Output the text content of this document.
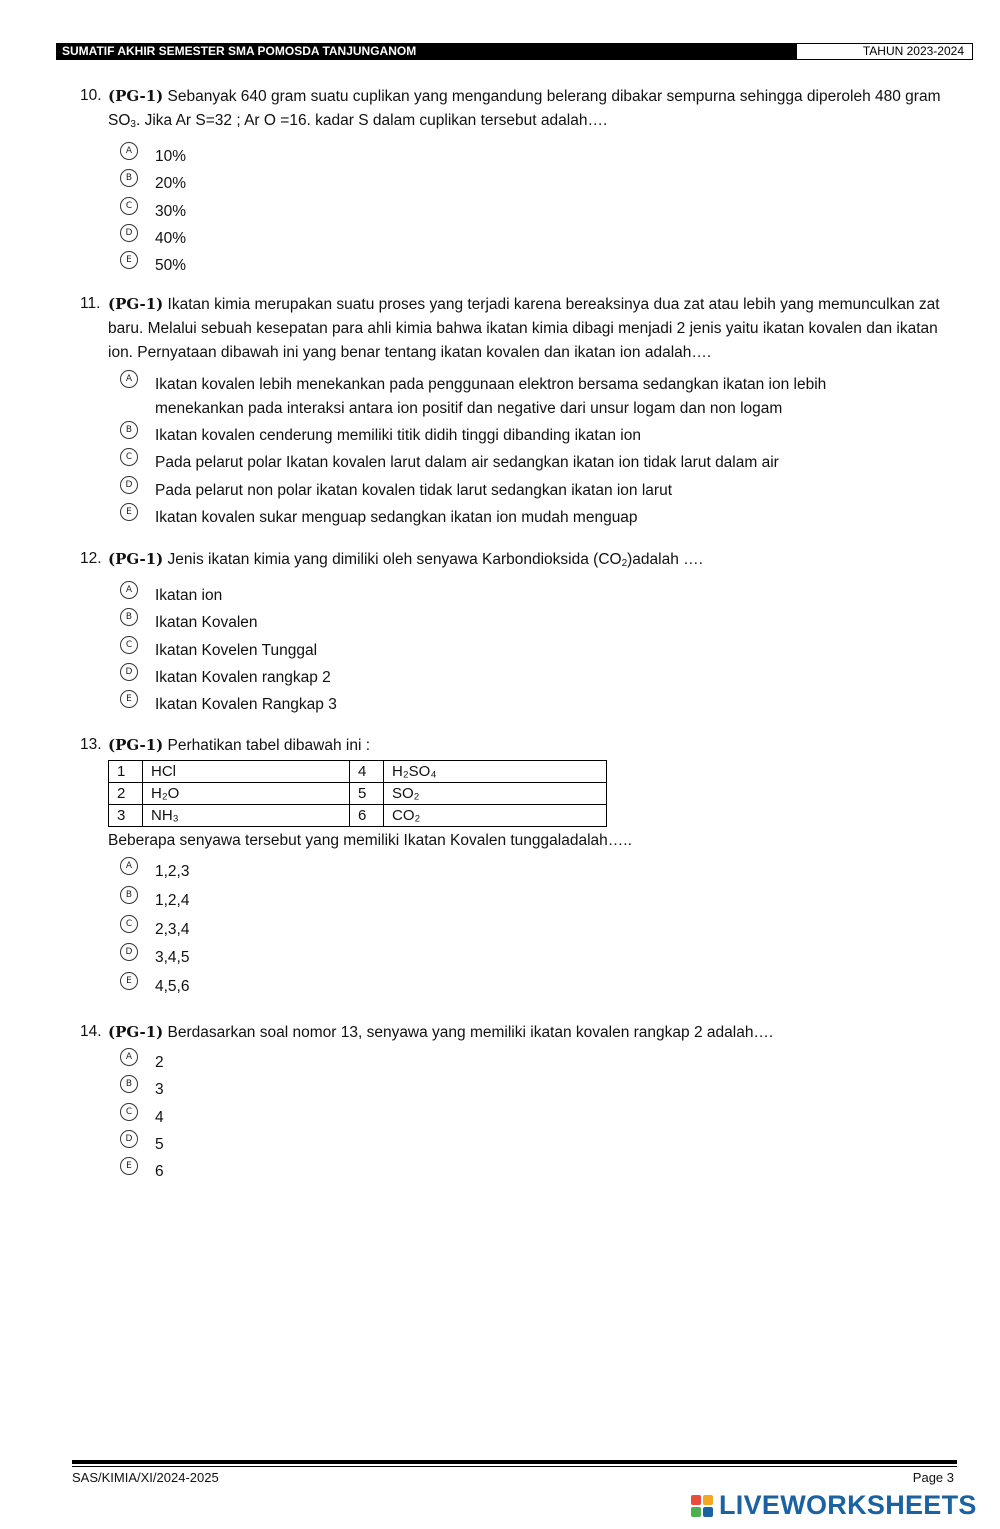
SUMATIF AKHIR SEMESTER SMA POMOSDA TANJUNGANOM	TAHUN 2023-2024
10. (PG-1) Sebanyak 640 gram suatu cuplikan yang mengandung belerang dibakar sempurna sehingga diperoleh 480 gram $SO_3$. Jika Ar S=32 ; Ar O =16. kadar S dalam cuplikan tersebut adalah….
A	10%
B	20%
C	30%
D	40%
E	50%
11. (PG-1) Ikatan kimia merupakan suatu proses yang terjadi karena bereaksinya dua zat atau lebih yang memunculkan zat baru. Melalui sebuah kesepatan para ahli kimia bahwa ikatan kimia dibagi menjadi 2 jenis yaitu ikatan kovalen dan ikatan ion. Pernyataan dibawah ini yang benar tentang ikatan kovalen dan ikatan ion adalah….
A	Ikatan kovalen lebih menekankan pada penggunaan elektron bersama sedangkan ikatan ion lebih menekankan pada interaksi antara ion positif dan negative dari unsur logam dan non logam
B	Ikatan kovalen cenderung memiliki titik didih tinggi dibanding ikatan ion
C	Pada pelarut polar Ikatan kovalen larut dalam air sedangkan ikatan ion tidak larut dalam air
D	Pada pelarut non polar ikatan kovalen tidak larut sedangkan ikatan ion larut
E	Ikatan kovalen sukar menguap sedangkan ikatan ion mudah menguap
12. (PG-1) Jenis ikatan kimia yang dimiliki oleh senyawa Karbondioksida $(CO_2)adalah$ ….
A	Ikatan ion
B	Ikatan Kovalen
C	Ikatan Kovelen Tunggal
D	Ikatan Kovalen rangkap 2
E	Ikatan Kovalen Rangkap 3
13. (PG-1) Perhatikan tabel dibawah ini :
1	HCl	4	H₂SO₄
2	H₂O	5	SO₂
3	NH₃	6	CO₂
Beberapa senyawa tersebut yang memiliki Ikatan Kovalen tunggaladalah…..
A	1,2,3
B	1,2,4
C	2,3,4
D	3,4,5
E	4,5,6
14. (PG-1) Berdasarkan soal nomor 13, senyawa yang memiliki ikatan kovalen rangkap 2 adalah….
A	2
B	3
C	4
D	5
E	6
SAS/KIMIA/XI/2024-2025	Page 3
LIVEWORKSHEETS
